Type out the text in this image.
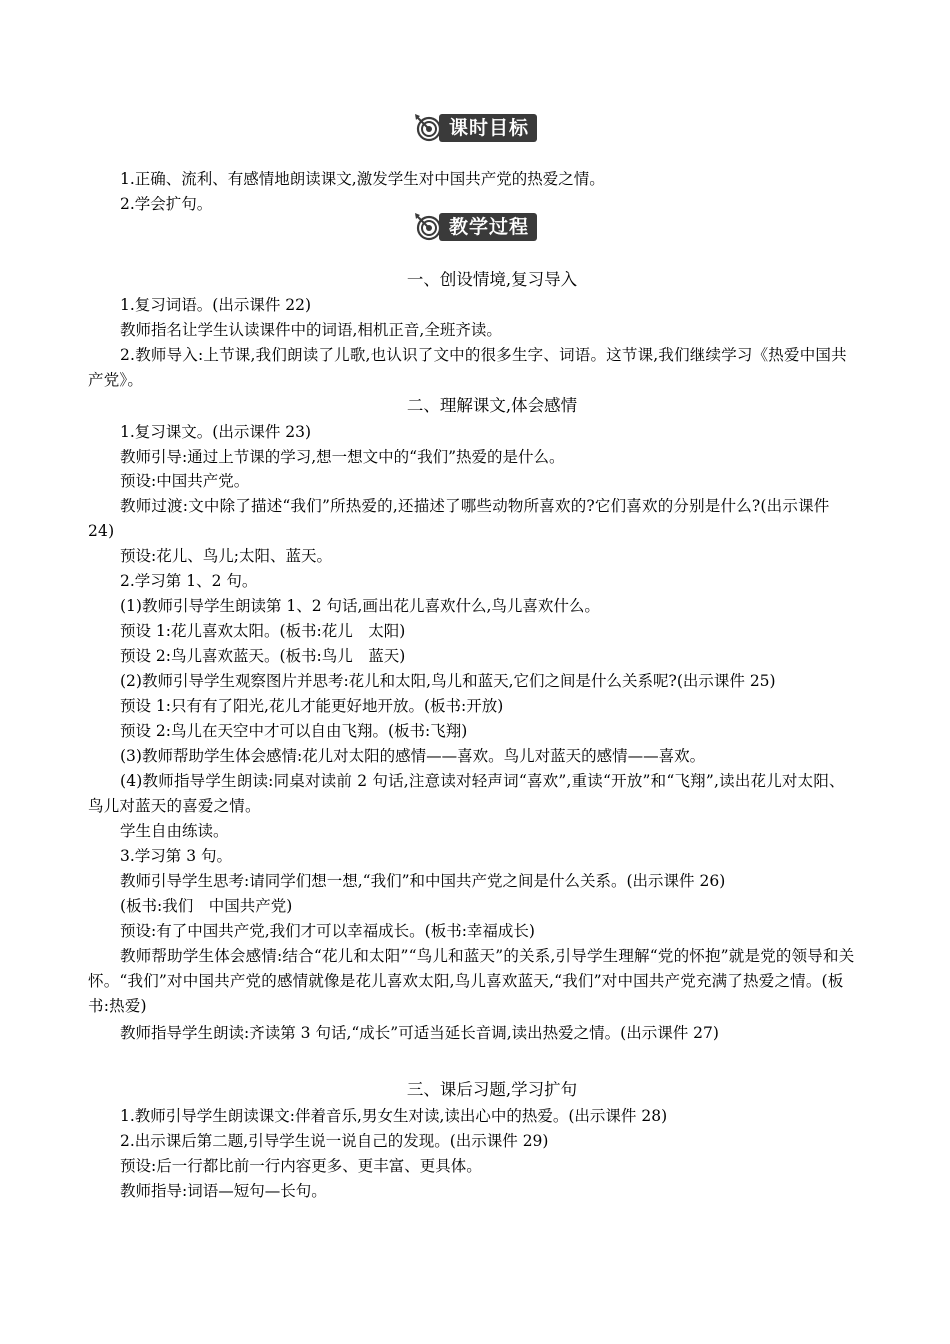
课时目标
1.正确、流利、有感情地朗读课文,激发学生对中国共产党的热爱之情。
2.学会扩句。
教学过程
一、创设情境,复习导入
1.复习词语。(出示课件 22)
教师指名让学生认读课件中的词语,相机正音,全班齐读。
2.教师导入:上节课,我们朗读了儿歌,也认识了文中的很多生字、词语。这节课,我们继续学习《热爱中国共产党》。
二、理解课文,体会感情
1.复习课文。(出示课件 23)
教师引导:通过上节课的学习,想一想文中的“我们”热爱的是什么。
预设:中国共产党。
教师过渡:文中除了描述“我们”所热爱的,还描述了哪些动物所喜欢的?它们喜欢的分别是什么?(出示课件 24)
预设:花儿、鸟儿;太阳、蓝天。
2.学习第 1、2 句。
(1)教师引导学生朗读第 1、2 句话,画出花儿喜欢什么,鸟儿喜欢什么。
预设 1:花儿喜欢太阳。(板书:花儿　太阳)
预设 2:鸟儿喜欢蓝天。(板书:鸟儿　蓝天)
(2)教师引导学生观察图片并思考:花儿和太阳,鸟儿和蓝天,它们之间是什么关系呢?(出示课件 25)
预设 1:只有有了阳光,花儿才能更好地开放。(板书:开放)
预设 2:鸟儿在天空中才可以自由飞翔。(板书:飞翔)
(3)教师帮助学生体会感情:花儿对太阳的感情——喜欢。鸟儿对蓝天的感情——喜欢。
(4)教师指导学生朗读:同桌对读前 2 句话,注意读对轻声词“喜欢”,重读“开放”和“飞翔”,读出花儿对太阳、鸟儿对蓝天的喜爱之情。
学生自由练读。
3.学习第 3 句。
教师引导学生思考:请同学们想一想,“我们”和中国共产党之间是什么关系。(出示课件 26)
(板书:我们　中国共产党)
预设:有了中国共产党,我们才可以幸福成长。(板书:幸福成长)
教师帮助学生体会感情:结合“花儿和太阳”“鸟儿和蓝天”的关系,引导学生理解“党的怀抱”就是党的领导和关怀。“我们”对中国共产党的感情就像是花儿喜欢太阳,鸟儿喜欢蓝天,“我们”对中国共产党充满了热爱之情。(板书:热爱)
教师指导学生朗读:齐读第 3 句话,“成长”可适当延长音调,读出热爱之情。(出示课件 27)
三、课后习题,学习扩句
1.教师引导学生朗读课文:伴着音乐,男女生对读,读出心中的热爱。(出示课件 28)
2.出示课后第二题,引导学生说一说自己的发现。(出示课件 29)
预设:后一行都比前一行内容更多、更丰富、更具体。
教师指导:词语—短句—长句。
